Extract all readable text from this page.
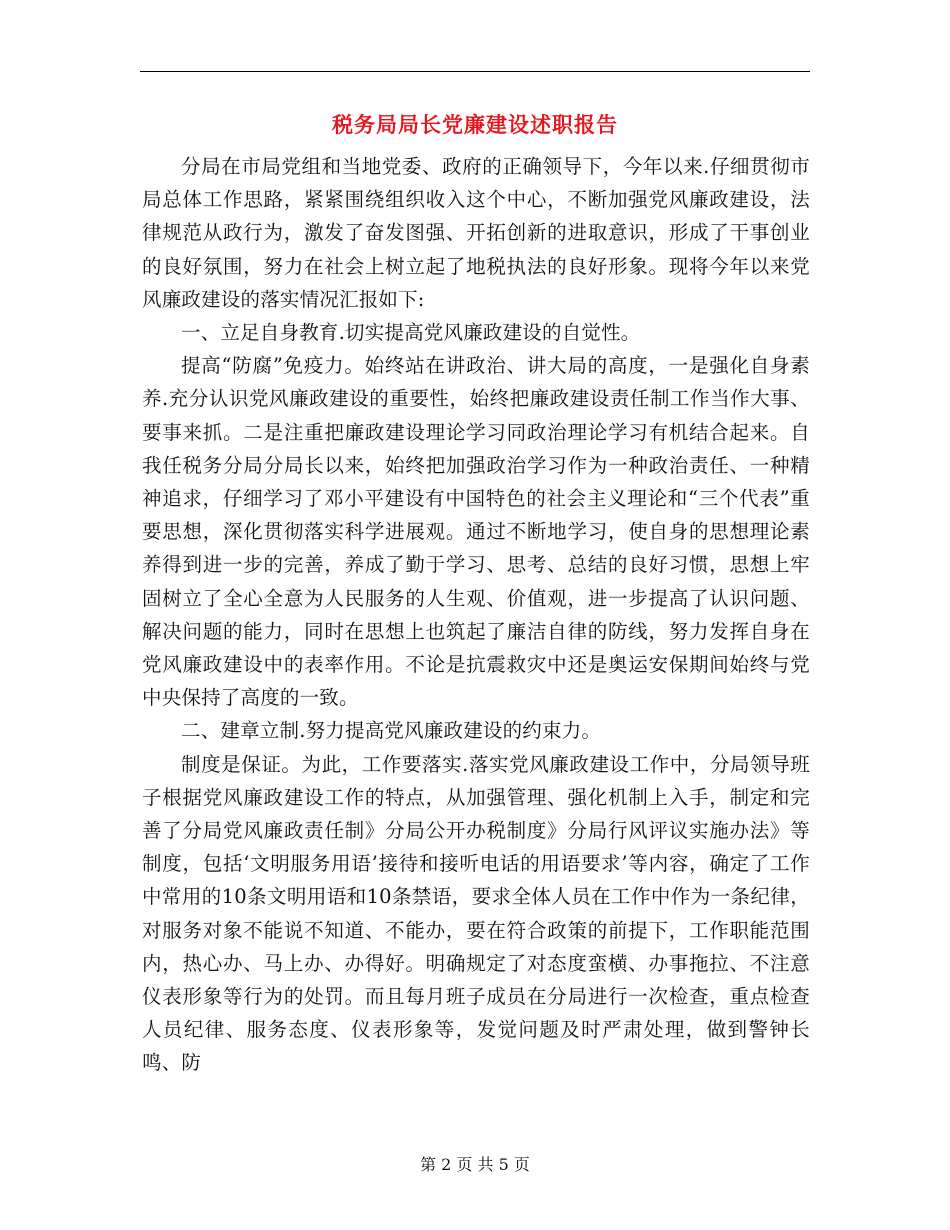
税务局局长党廉建设述职报告

分局在市局党组和当地党委、政府的正确领导下，今年以来.仔细贯彻市局总体工作思路，紧紧围绕组织收入这个中心，不断加强党风廉政建设，法律规范从政行为，激发了奋发图强、开拓创新的进取意识，形成了干事创业的良好氛围，努力在社会上树立起了地税执法的良好形象。现将今年以来党风廉政建设的落实情况汇报如下:

一、立足自身教育.切实提高党风廉政建设的自觉性。

提高“防腐”免疫力。始终站在讲政治、讲大局的高度，一是强化自身素养.充分认识党风廉政建设的重要性，始终把廉政建设责任制工作当作大事、要事来抓。二是注重把廉政建设理论学习同政治理论学习有机结合起来。自我任税务分局分局长以来，始终把加强政治学习作为一种政治责任、一种精神追求，仔细学习了邓小平建设有中国特色的社会主义理论和“三个代表”重要思想，深化贯彻落实科学进展观。通过不断地学习，使自身的思想理论素养得到进一步的完善，养成了勤于学习、思考、总结的良好习惯，思想上牢固树立了全心全意为人民服务的人生观、价值观，进一步提高了认识问题、解决问题的能力，同时在思想上也筑起了廉洁自律的防线，努力发挥自身在党风廉政建设中的表率作用。不论是抗震救灾中还是奥运安保期间始终与党中央保持了高度的一致。

二、建章立制.努力提高党风廉政建设的约束力。

制度是保证。为此，工作要落实.落实党风廉政建设工作中，分局领导班子根据党风廉政建设工作的特点，从加强管理、强化机制上入手，制定和完善了分局党风廉政责任制》分局公开办税制度》分局行风评议实施办法》等制度，包括‘文明服务用语’接待和接听电话的用语要求’等内容，确定了工作中常用的10条文明用语和10条禁语，要求全体人员在工作中作为一条纪律，对服务对象不能说不知道、不能办，要在符合政策的前提下，工作职能范围内，热心办、马上办、办得好。明确规定了对态度蛮横、办事拖拉、不注意仪表形象等行为的处罚。而且每月班子成员在分局进行一次检查，重点检查人员纪律、服务态度、仪表形象等，发觉问题及时严肃处理，做到警钟长鸣、防

第 2 页 共 5 页
